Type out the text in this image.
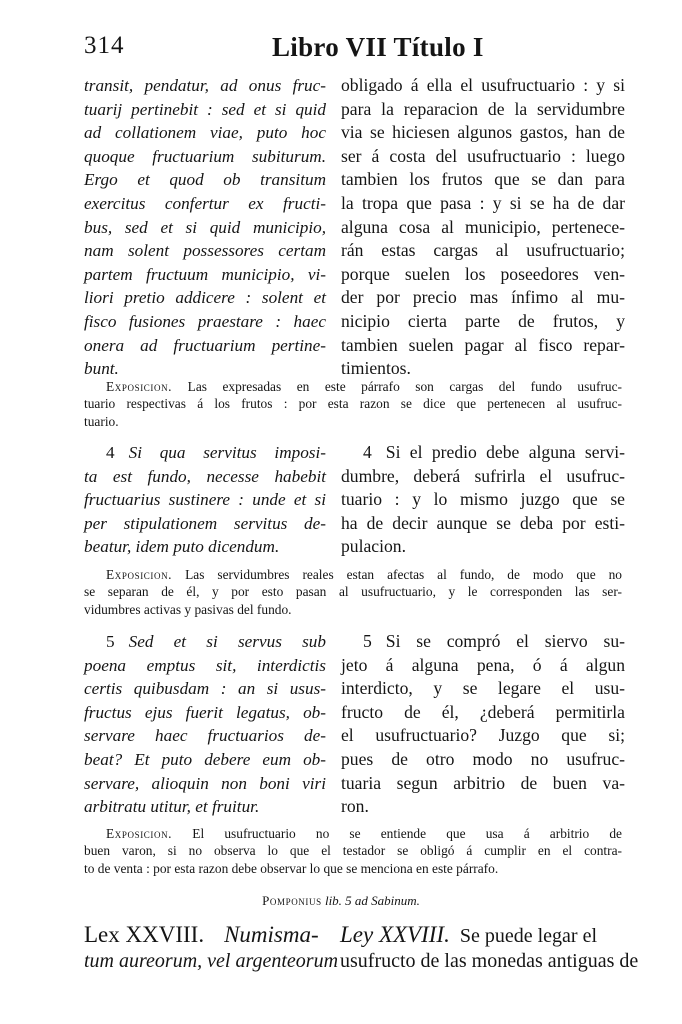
314	Libro VII Título I
transit, pendatur, ad onus fruc-
tuarij pertinebit : sed et si quid
ad collationem viae, puto hoc
quoque fructuarium subiturum.
Ergo et quod ob transitum
exercitus confertur ex fructi-
bus, sed et si quid municipio,
nam solent possessores certam
partem fructuum municipio, vi-
liori pretio addicere : solent et
fisco fusiones praestare : haec
onera ad fructuarium pertine-
bunt.
obligado á ella el usufructuario : y si
para la reparacion de la servidumbre
via se hiciesen algunos gastos, han de
ser á costa del usufructuario : luego
tambien los frutos que se dan para
la tropa que pasa : y si se ha de dar
alguna cosa al municipio, pertenece-
rán estas cargas al usufructuario;
porque suelen los poseedores ven-
der por precio mas ínfimo al mu-
nicipio cierta parte de frutos, y
tambien suelen pagar al fisco repar-
timientos.
Exposicion. Las expresadas en este párrafo son cargas del fundo usufruc-
tuario respectivas á los frutos : por esta razon se dice que pertenecen al usufruc-
tuario.
4 Si qua servitus imposi-
ta est fundo, necesse habebit
fructuarius sustinere : unde et si
per stipulationem servitus de-
beatur, idem puto dicendum.
4 Si el predio debe alguna servi-
dumbre, deberá sufrirla el usufruc-
tuario : y lo mismo juzgo que se
ha de decir aunque se deba por esti-
pulacion.
Exposicion. Las servidumbres reales estan afectas al fundo, de modo que no
se separan de él, y por esto pasan al usufructuario, y le corresponden las ser-
vidumbres activas y pasivas del fundo.
5 Sed et si servus sub
poena emptus sit, interdictis
certis quibusdam : an si usus-
fructus ejus fuerit legatus, ob-
servare haec fructuarios de-
beat? Et puto debere eum ob-
servare, alioquin non boni viri
arbitratu utitur, et fruitur.
5 Si se compró el siervo su-
jeto á alguna pena, ó á algun
interdicto, y se legare el usu-
fructo de él, ¿deberá permitirla
el usufructuario? Juzgo que si;
pues de otro modo no usufruc-
tuaria segun arbitrio de buen va-
ron.
Exposicion. El usufructuario no se entiende que usa á arbitrio de
buen varon, si no observa lo que el testador se obligó á cumplir en el contra-
to de venta : por esta razon debe observar lo que se menciona en este párrafo.
Pomponius lib. 5 ad Sabinum.
Lex XXVIII. Numisma-
tum aureorum, vel argenteorum
Ley XXVIII. Se puede legar el
usufructo de las monedas antiguas de
